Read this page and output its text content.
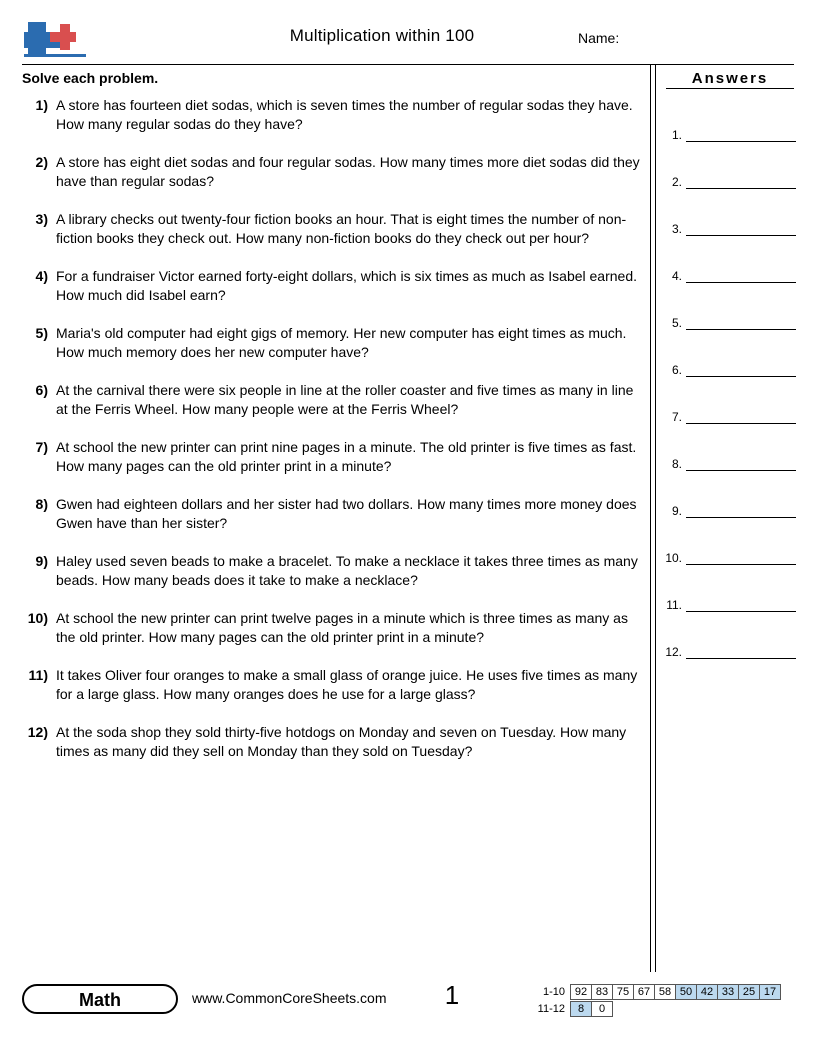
Multiplication within 100	Name:
Solve each problem.
1) A store has fourteen diet sodas, which is seven times the number of regular sodas they have. How many regular sodas do they have?
2) A store has eight diet sodas and four regular sodas. How many times more diet sodas did they have than regular sodas?
3) A library checks out twenty-four fiction books an hour. That is eight times the number of non-fiction books they check out. How many non-fiction books do they check out per hour?
4) For a fundraiser Victor earned forty-eight dollars, which is six times as much as Isabel earned. How much did Isabel earn?
5) Maria's old computer had eight gigs of memory. Her new computer has eight times as much. How much memory does her new computer have?
6) At the carnival there were six people in line at the roller coaster and five times as many in line at the Ferris Wheel. How many people were at the Ferris Wheel?
7) At school the new printer can print nine pages in a minute. The old printer is five times as fast. How many pages can the old printer print in a minute?
8) Gwen had eighteen dollars and her sister had two dollars. How many times more money does Gwen have than her sister?
9) Haley used seven beads to make a bracelet. To make a necklace it takes three times as many beads. How many beads does it take to make a necklace?
10) At school the new printer can print twelve pages in a minute which is three times as many as the old printer. How many pages can the old printer print in a minute?
11) It takes Oliver four oranges to make a small glass of orange juice. He uses five times as many for a large glass. How many oranges does he use for a large glass?
12) At the soda shop they sold thirty-five hotdogs on Monday and seven on Tuesday. How many times as many did they sell on Monday than they sold on Tuesday?
Answers
1.
2.
3.
4.
5.
6.
7.
8.
9.
10.
11.
12.
Math	www.CommonCoreSheets.com	1	1-10 92 83 75 67 58 50 42 33 25 17
11-12	8	0
